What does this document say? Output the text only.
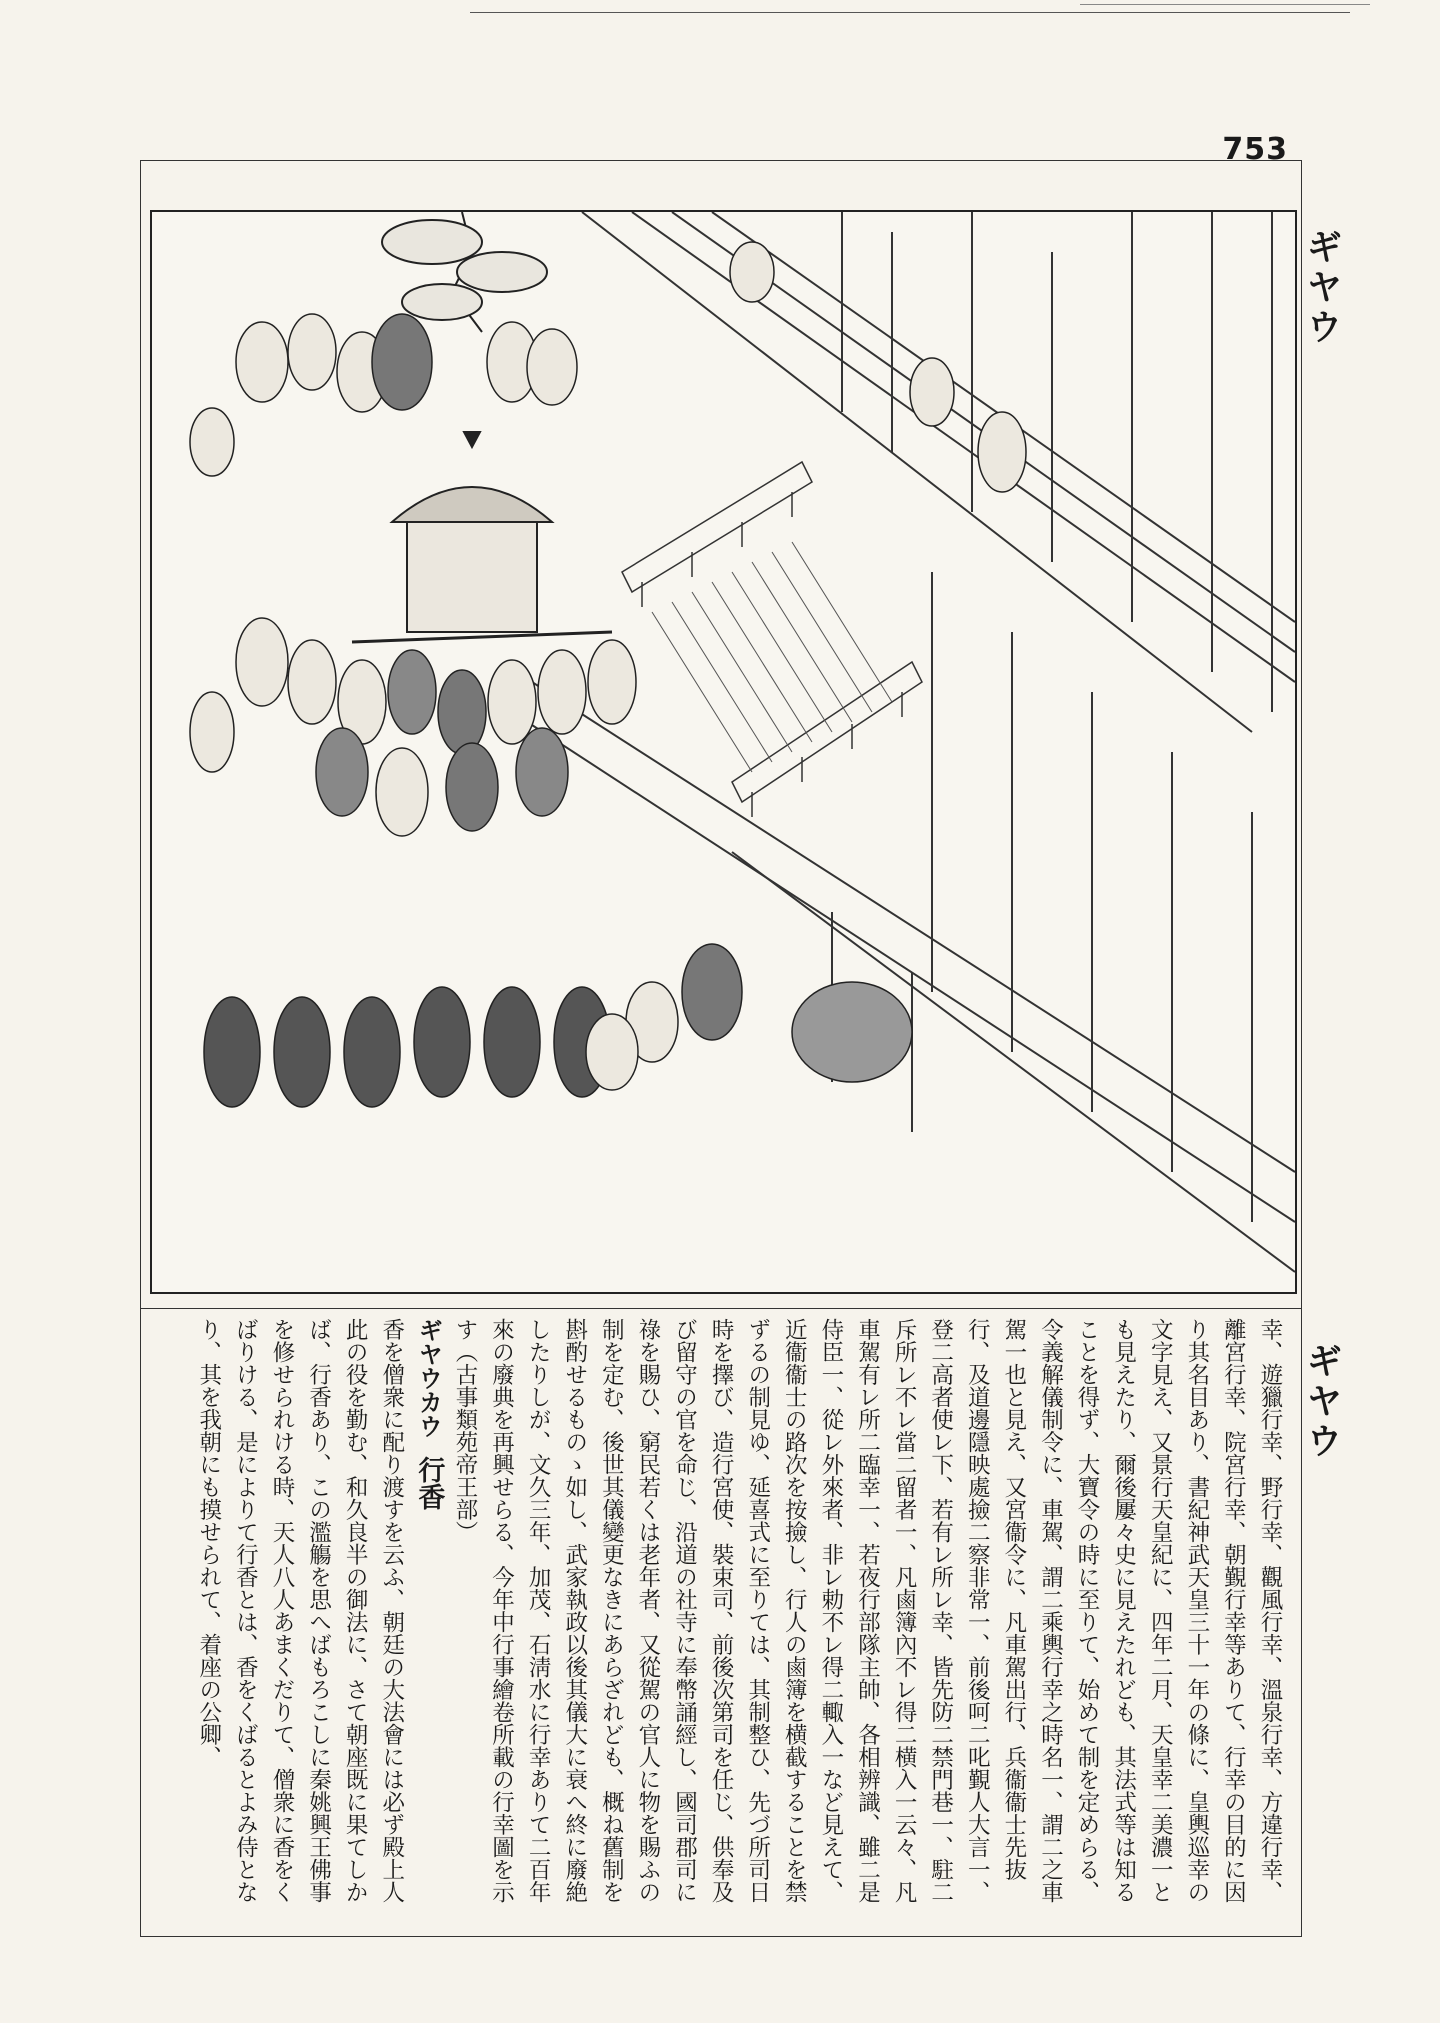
753
ギヤウ
ギヤウ

幸、遊獵行幸、野行幸、觀風行幸、溫泉行幸、方違行幸、離宮行幸、院宮行幸、朝覲行幸等ありて、行幸の目的に因り其名目あり、書紀神武天皇三十一年の條に、皇輿巡幸の文字見え、又景行天皇紀に、四年二月、天皇幸二美濃一とも見えたり、爾後屢々史に見えたれども、其法式等は知ることを得ず、大寶令の時に至りて、始めて制を定めらる、令義解儀制令に、車駕、謂二乘輿行幸之時名一、謂二之車駕一也と見え、又宮衞令に、凡車駕出行、兵衞衞士先抜行、及道邊隱映處撿二察非常一、前後呵二叱覲人大言一、登二高者使レ下、若有レ所レ幸、皆先防二禁門巷一、駐二斥所レ不レ當二留者一、凡鹵簿內不レ得二横入一云々、凡車駕有レ所二臨幸一、若夜行部隊主帥、各相辨識、雖二是侍臣一、從レ外來者、非レ勅不レ得二輙入一など見えて、近衞衞士の路次を按撿し、行人の鹵簿を横截することを禁ずるの制見ゆ、延喜式に至りては、其制整ひ、先づ所司日時を擇び、造行宮使、裝束司、前後次第司を任じ、供奉及び留守の官を命じ、沿道の社寺に奉幣誦經し、國司郡司に祿を賜ひ、窮民若くは老年者、又從駕の官人に物を賜ふの制を定む、後世其儀變更なきにあらざれども、概ね舊制を斟酌せるものゝ如し、武家執政以後其儀大に衰へ終に廢絶したりしが、文久三年、加茂、石淸水に行幸ありて二百年來の廢典を再興せらる、今年中行事繪卷所載の行幸圖を示す（古事類苑帝王部）

ギヤウカウ 行香

香を僧衆に配り渡すを云ふ、朝廷の大法會には必ず殿上人此の役を勤む、和久良半の御法に、さて朝座既に果てしかば、行香あり、この濫觴を思へばもろこしに秦姚興王佛事を修せられける時、天人八人あまくだりて、僧衆に香をくばりける、是によりて行香とは、香をくばるとよみ侍となり、其を我朝にも摸せられて、着座の公卿、
